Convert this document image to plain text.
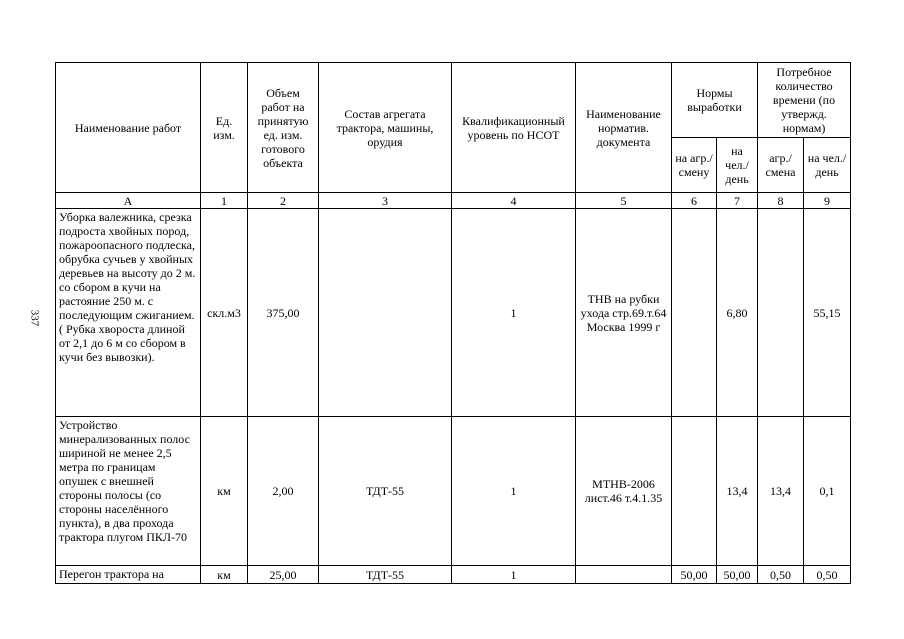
337
Наименование работ	Ед. изм.	Объем работ на принятую ед. изм. готового объекта	Состав агрегата трактора, машины, орудия	Квалификационный уровень по НСОТ	Наименование норматив. документа	Нормы выработки		Потребное количество времени (по утвержд. нормам)	
						на агр./ смену	на чел./ день	агр./ смена	на чел./ день
А	1	2	3	4	5	6	7	8	9
Уборка валежника, срезка подроста хвойных пород, пожароопасного подлеска, обрубка сучьев у хвойных деревьев на высоту до 2 м. со сбором в кучи на растояние 250 м. с последующим сжиганием. ( Рубка хвороста длиной от 2,1 до 6 м со сбором в кучи без вывозки).	скл.м3	375,00		1	ТНВ на рубки ухода стр.69.т.64 Москва 1999 г		6,80		55,15
Устройство минерализованных полос шириной не менее 2,5 метра по границам опушек с внешней стороны полосы (со стороны населённого пункта), в два прохода трактора плугом ПКЛ-70	км	2,00	ТДТ-55	1	МТНВ-2006 лист.46 т.4.1.35		13,4	13,4	0,1
Перегон трактора на	км	25,00	ТДТ-55	1		50,00	50,00	0,50	0,50
